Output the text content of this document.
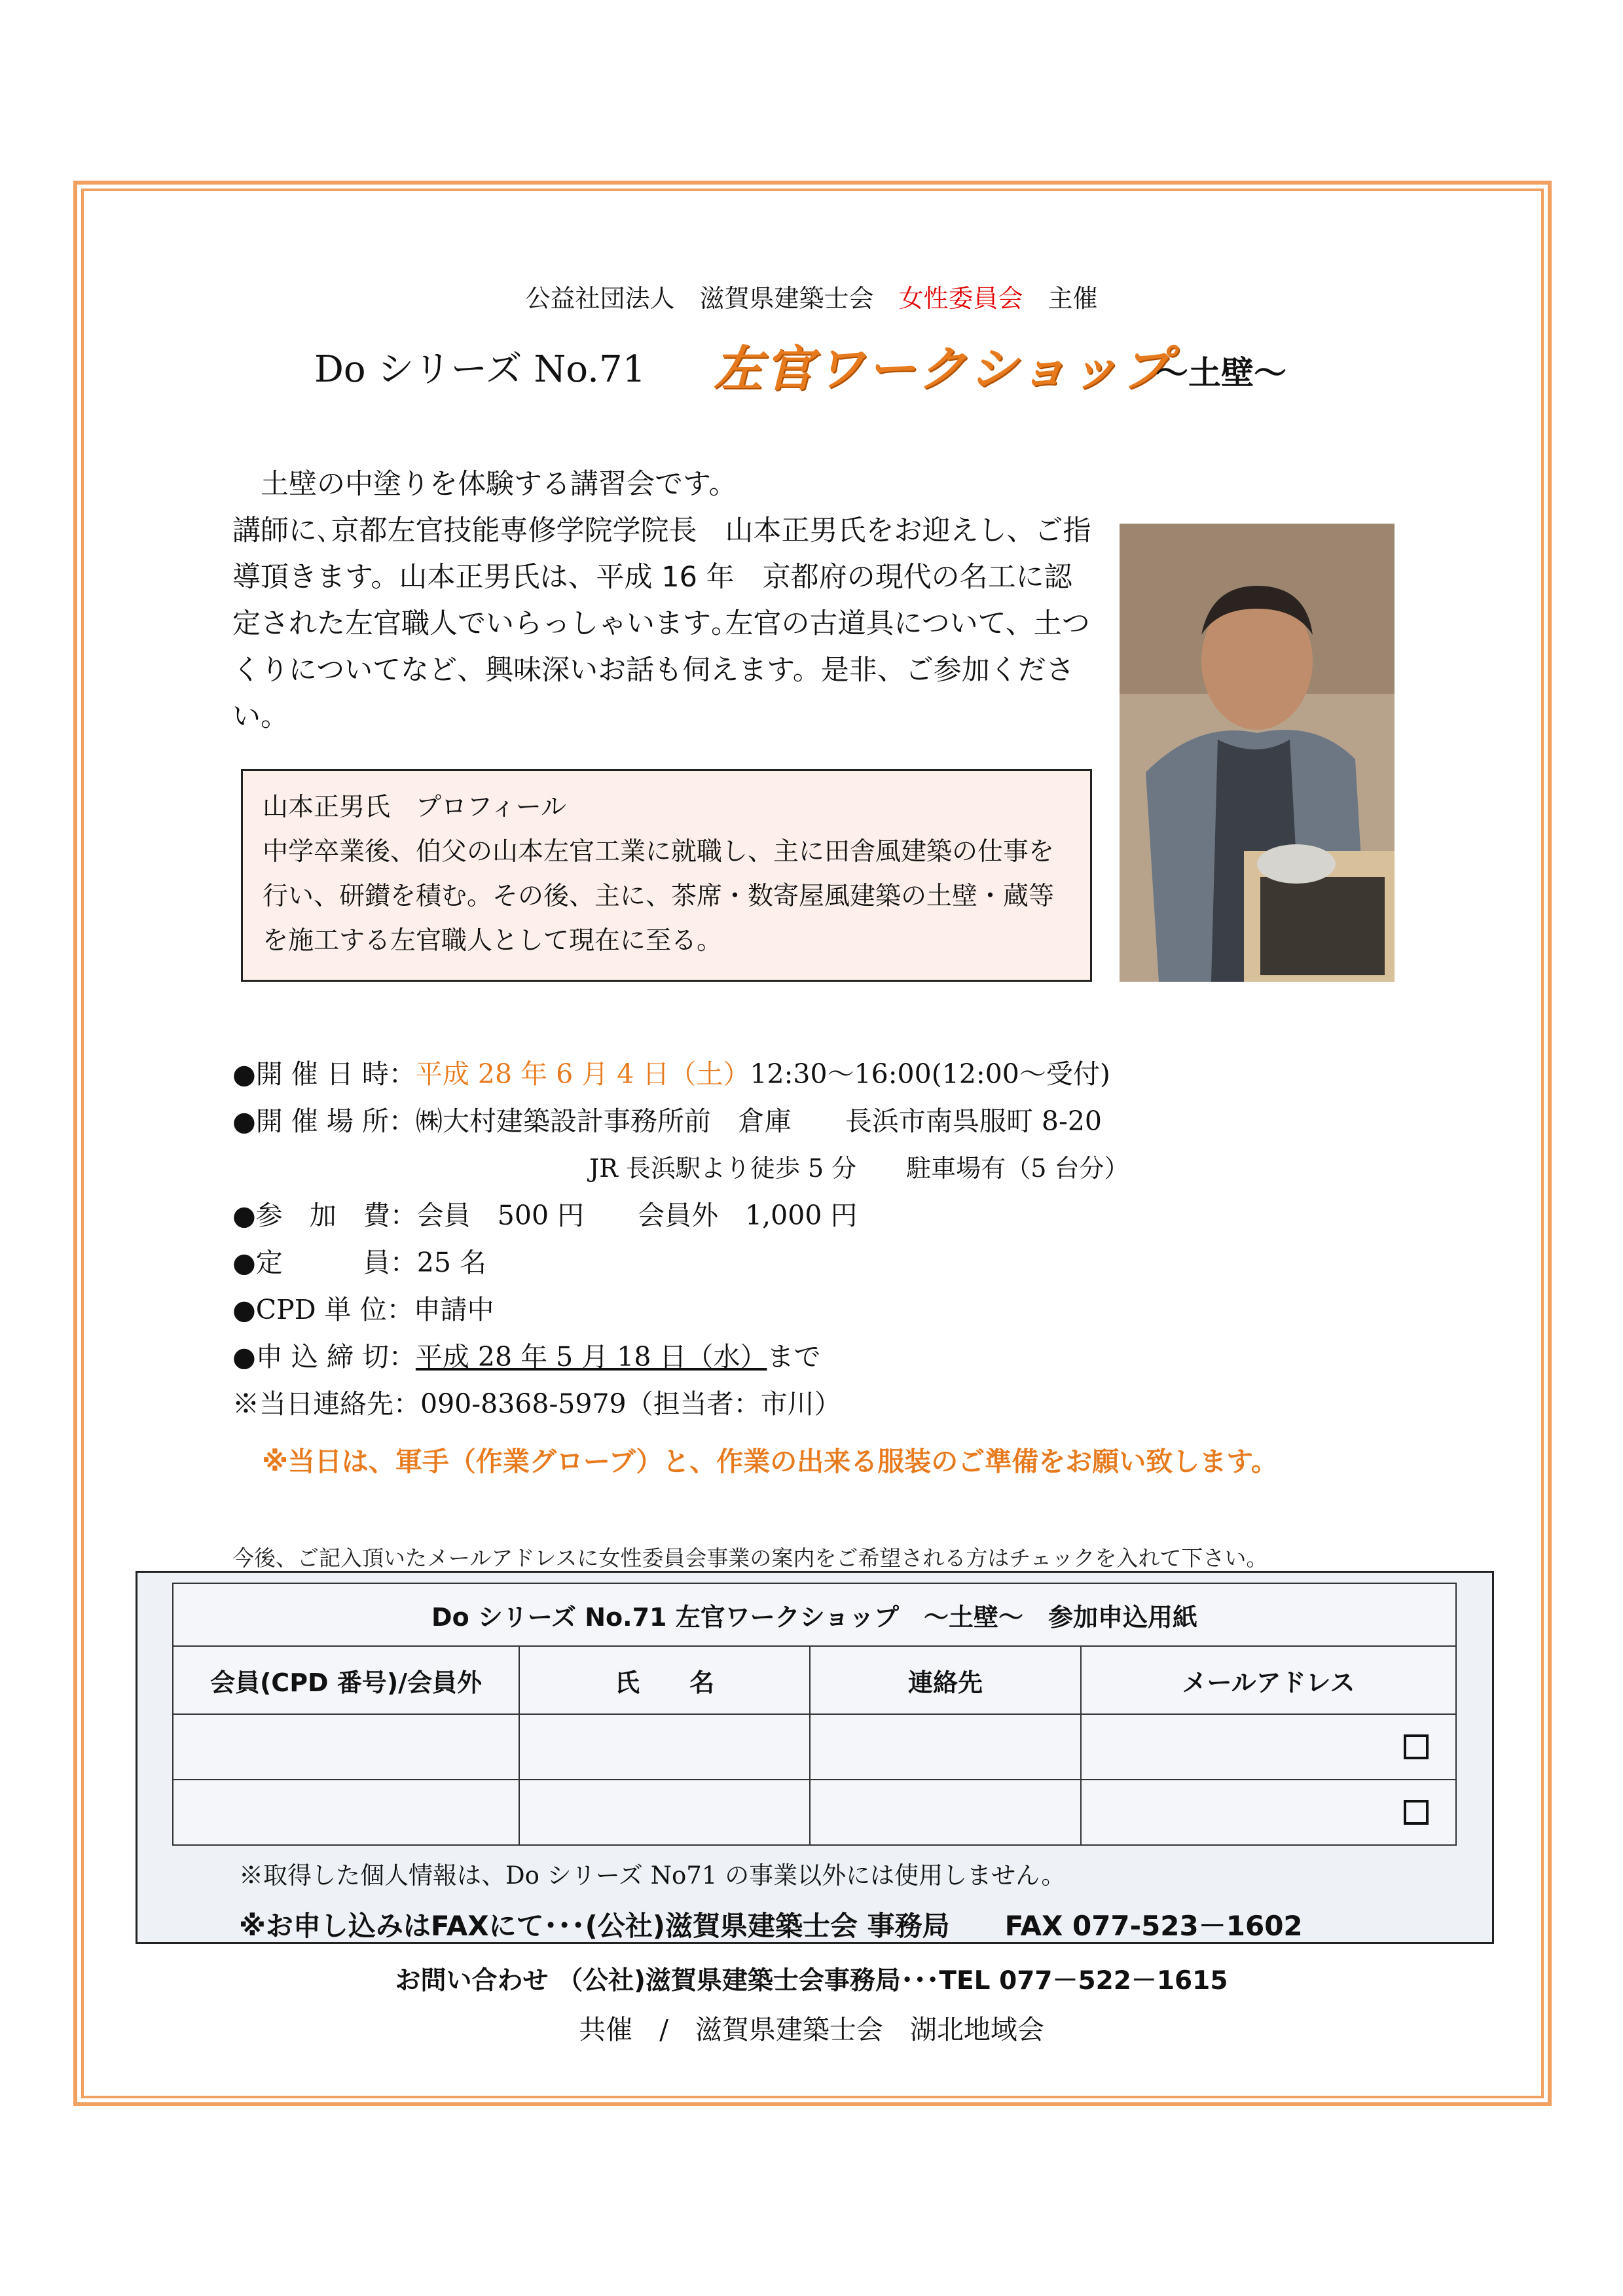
公益社団法人　滋賀県建築士会　女性委員会　主催
Do シリーズ No.71 左官ワークショップ
～土壁～

　土壁の中塗りを体験する講習会です。

講師に､京都左官技能専修学院学院長　山本正男氏をお迎えし、ご指導頂きます。山本正男氏は、平成 16 年　京都府の現代の名工に認定された左官職人でいらっしゃいます｡左官の古道具について、土つくりについてなど、興味深いお話も伺えます。是非、ご参加ください。

山本正男氏　プロフィール
中学卒業後、伯父の山本左官工業に就職し、主に田舎風建築の仕事を行い、研鑚を積む。その後、主に、茶席・数寄屋風建築の土壁・蔵等を施工する左官職人として現在に至る。
●開 催 日 時： 平成 28 年 6 月 4 日（土） 12:30～16:00(12:00～受付)
●開 催 場 所： ㈱大村建築設計事務所前　倉庫　　長浜市南呉服町 8-20
JR 長浜駅より徒歩 5 分　　駐車場有（5 台分）
●参　加　費： 会員　500 円　　会員外　1,000 円
●定　　　員： 25 名
●CPD 単 位： 申請中
●申 込 締 切： 平成 28 年 5 月 18 日（水） まで
※当日連絡先： 090-8368-5979（担当者：市川）
※当日は、軍手（作業グローブ）と、作業の出来る服装のご準備をお願い致します。
今後、ご記入頂いたメールアドレスに女性委員会事業の案内をご希望される方はチェックを入れて下さい。
Do シリーズ No.71 左官ワークショップ　～土壁～　参加申込用紙			
会員(CPD 番号)/会員外	氏　　名	連絡先	メールアドレス

※取得した個人情報は、Do シリーズ No71 の事業以外には使用しません。
※お申し込みはFAXにて･･･(公社)滋賀県建築士会 事務局　　FAX 077-523－1602
お問い合わせ （公社)滋賀県建築士会事務局･･･TEL 077－522－1615
共催　/　滋賀県建築士会　湖北地域会
